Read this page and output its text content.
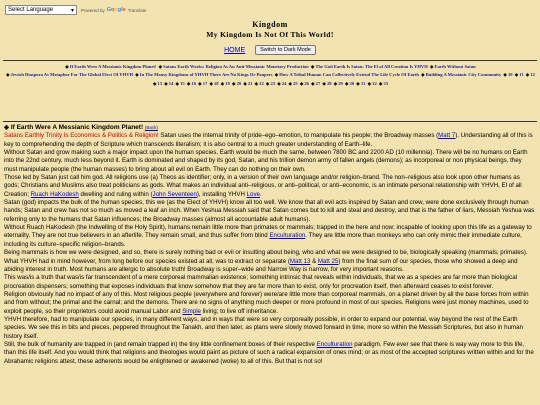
Select Language	▾ Powered by Google Translate
Kingdom
My Kingdom Is Not Of This World!
HOME	Switch to Dark Mode
◈If Earth Were A Messianic Kingdom Planet! ◈Satans Earth Works: Religion As An Anti-Messianic Monetary Production ◈The God Earth Is Satan: The El of All Creation Is YHVH ◈Earth Without Satan ◈Jewish Diaspora As Metaphor For The Global Elect Of YHVH ◈In The Mousy Kingdoms of YHVH There Are No Kings Or Paupers ◈How A Tribal Human Can Collectively Extend The Life Cycle Of Earth ◈Building A Messianic City Community ◈10 ◈11 ◈12 ◈13 ◈14 ◈15 ◈16 ◈17 ◈18 ◈19 ◈20 ◈21 ◈22 ◈23 ◈24 ◈25 ◈26 ◈27 ◈28 ◈29 ◈30 ◈31 ◈32 ◈33

◈ If Earth Were A Messianic Kingdom Planet! (Back)

Satans Earthly Trinity Is Economics & Politics & Religion! Satan uses the internal trinity of pride–ego–emotion, to manipulate his people; the Broadway masses (Matt 7). Understanding all of this is key to comprehending the depth of Scripture which transcends literalism; it is also central to a much greater understanding of Earth–life.

Without Satan and grow making such a major impact upon the human species, Earth would be much the same, between 7800 BC and 2200 AD (10 millennia). There will be no humans on Earth into the 22nd century, much less beyond it. Earth is dominated and shaped by its god, Satan, and his trillion demon army of fallen angels (demons); as incorporeal or non physical beings, they must manipulate people (the human masses) to bring about all evil on Earth. They can do nothing on their own.

Those led by Satan just call him god. All religions use (a) Theos as identifier; only, in a version of their own language and/or religion–brand. The non–religious also look upon other humans as gods; Christians and Muslims also treat politicians as gods. What makes an individual anti–religious, or anti–political, or anti–economic, is an intimate personal relationship with YHVH, El of all Creation; Ruach HaKodesh dwelling and ruling within (John Seventeen), installing YHVH Love.

Satan (god) impacts the bulk of the human species, this we (as the Elect of YHVH) know all too well. We know that all evil acts inspired by Satan and crew, were done exclusively through human hands; Satan and crew has not so much as moved a leaf an inch. When Yeshua Messiah said that Satan comes but to kill and steal and destroy, and that is the father of liars, Messiah Yeshua was referring only to the humans that Satan influences; the Broadway masses (almost all accountable adult humans).

Without Ruach HaKodesh (the Indwelling of the Holy Spirit), humans remain little more than primates or mammals; trapped in the here and now; incapable of looking upon this life as a gateway to eternality. They are not true believers in an afterlife. They remain small, and thus suffer from blind Enculturation. They are little more than monkeys who can only mimic their immediate culture, including its culture–specific religion–brands.

Being mammals is how we were designed, and so, there is surely nothing bad or evil or insulting about being, who and what we were designed to be, biologically speaking (mammals; primates). What YHVH had in mind however, from long before our species existed at all, was to extract or separate (Matt 13 & Matt 25) from the final sum of our species, those who showed a deep and abiding interest in truth. Most humans are allergic to absolute truth! Broadway is super–wide and Narrow Way is narrow, for very important reasons.

This was/is a truth that was/is far transcendent of a mere corporeal mammalian existence; something intrinsic that reveals within individuals, that we as a species are far more than biological procreation dispensers; something that exposes individuals that know somehow that they are far more than to exist, only for procreation itself, then afterward ceases to exist forever.

Religion obviously had no impact of any of this. Most religious people (everywhere and forever) were/are little more than corporeal mammals, on a planet driven by all the base forces from within and from without; the primal and the carnal; and the demons. There are no signs of anything much deeper or more profound in most of our species. Religions were just money machines, used to exploit people, so their proprietors could avoid manual Labor and Simple living; to live off inheritance.

YHVH therefore, had to manipulate our species, in many different ways, and in ways that were so very corporeally possible, in order to expand our potential, way beyond the rest of the Earth species. We see this in bits and pieces, peppered throughout the Tanakh, and then later, as plans were slowly moved forward in time, more so within the Messiah Scriptures, but also in human history itself.

Still, the bulk of humanity are trapped in (and remain trapped in) the tiny little confinement boxes of their respective Enculturation paradigm. Few ever see that there is way way more to this life, than this life itself. And you would think that religions and theologies would paint as picture of such a radical expansion of ones mind; or as most of the accepted scriptures written within and for the Abrahamic religions attest, these adherents would be enlightened or awakened (woke) to all of this. But that is not so!
